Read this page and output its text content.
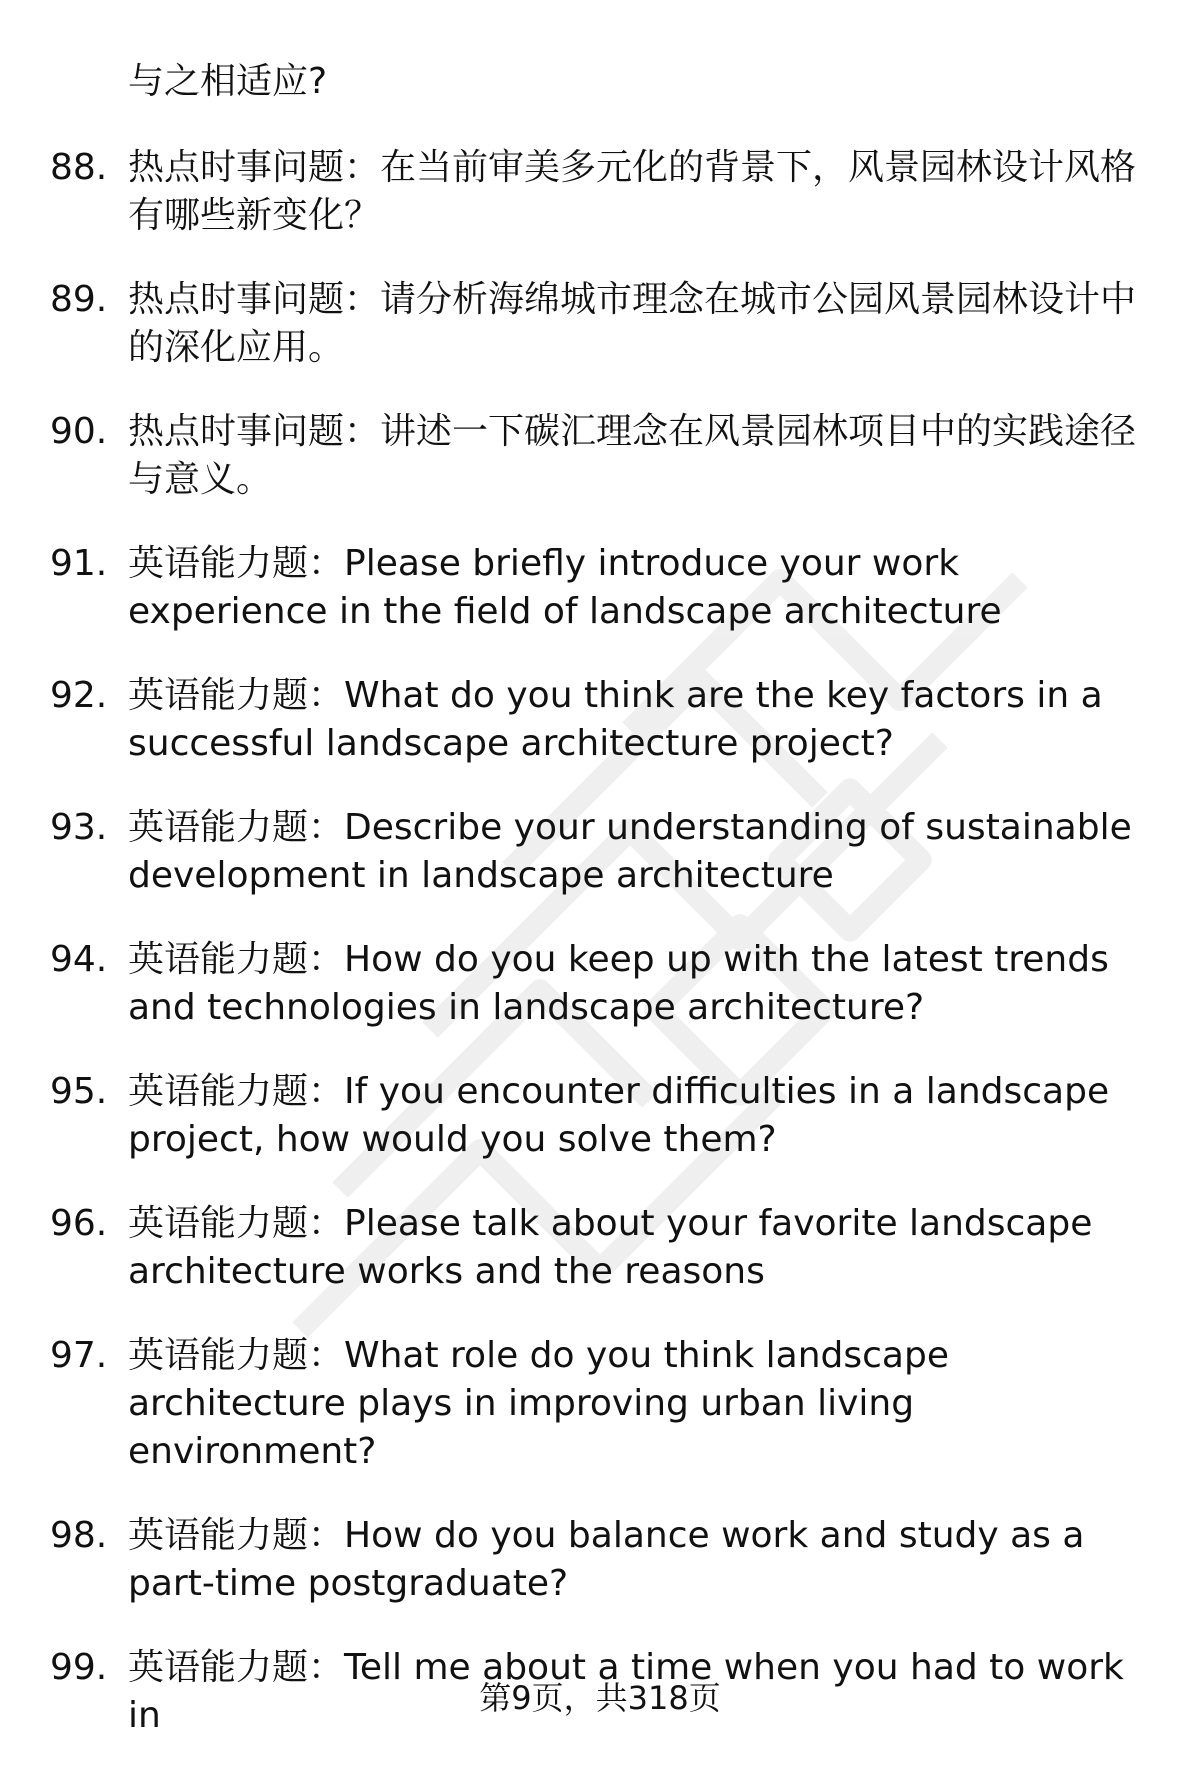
与之相适应?
88. 热点时事问题：在当前审美多元化的背景下，风景园林设计风格有哪些新变化？
89. 热点时事问题：请分析海绵城市理念在城市公园风景园林设计中的深化应用。
90. 热点时事问题：讲述一下碳汇理念在风景园林项目中的实践途径与意义。
91. 英语能力题：Please briefly introduce your work experience in the field of landscape architecture
92. 英语能力题：What do you think are the key factors in a successful landscape architecture project?
93. 英语能力题：Describe your understanding of sustainable development in landscape architecture
94. 英语能力题：How do you keep up with the latest trends and technologies in landscape architecture?
95. 英语能力题：If you encounter difficulties in a landscape project, how would you solve them?
96. 英语能力题：Please talk about your favorite landscape architecture works and the reasons
97. 英语能力题：What role do you think landscape architecture plays in improving urban living environment?
98. 英语能力题：How do you balance work and study as a part-time postgraduate?
99. 英语能力题：Tell me about a time when you had to work in	第9页，共318页
